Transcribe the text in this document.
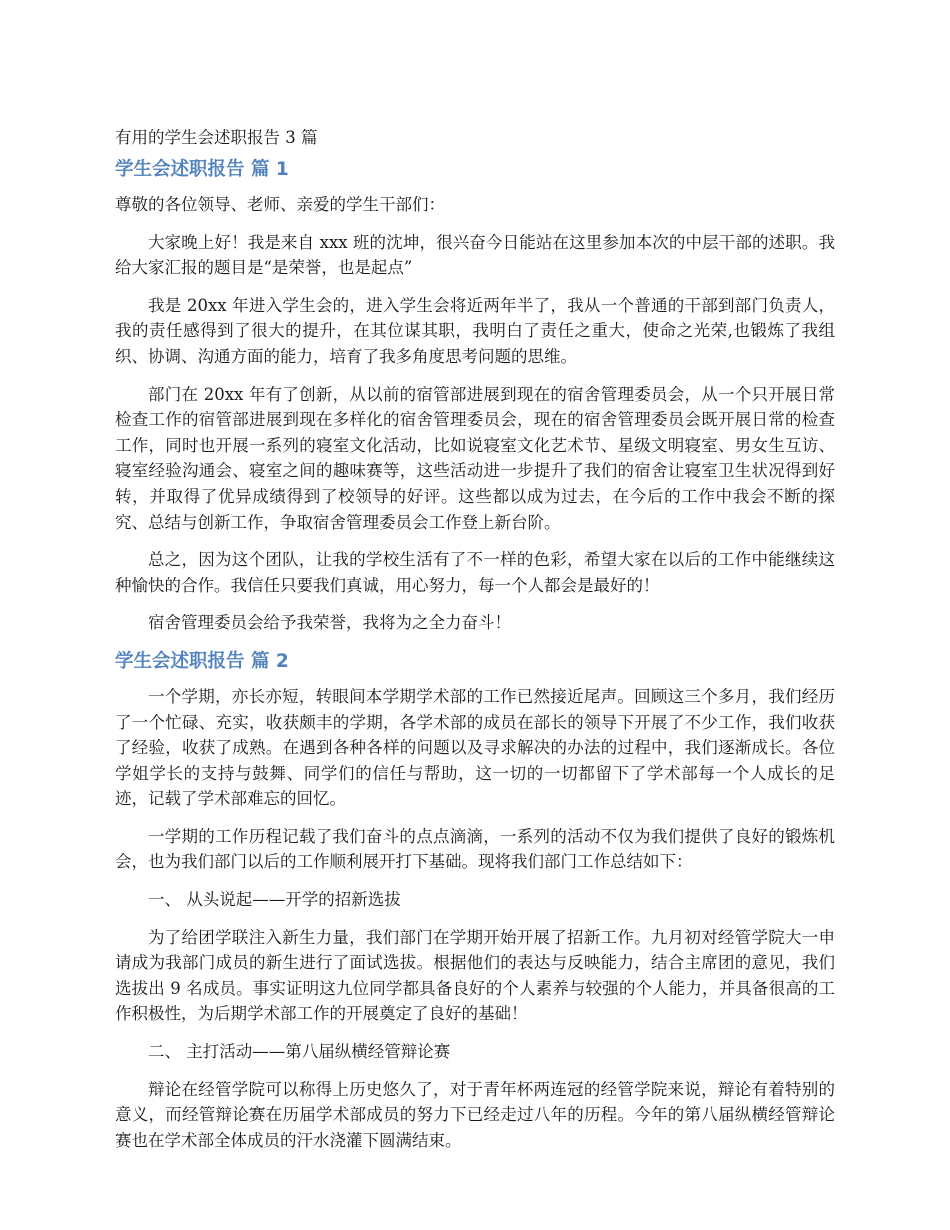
有用的学生会述职报告 3 篇
学生会述职报告 篇 1
尊敬的各位领导、老师、亲爱的学生干部们：
大家晚上好！我是来自 xxx 班的沈坤，很兴奋今日能站在这里参加本次的中层干部的述职。我给大家汇报的题目是“是荣誉，也是起点”
我是 20xx 年进入学生会的，进入学生会将近两年半了，我从一个普通的干部到部门负责人，我的责任感得到了很大的提升，在其位谋其职，我明白了责任之重大，使命之光荣,也锻炼了我组织、协调、沟通方面的能力，培育了我多角度思考问题的思维。
部门在 20xx 年有了创新，从以前的宿管部进展到现在的宿舍管理委员会，从一个只开展日常检查工作的宿管部进展到现在多样化的宿舍管理委员会，现在的宿舍管理委员会既开展日常的检查工作，同时也开展一系列的寝室文化活动，比如说寝室文化艺术节、星级文明寝室、男女生互访、寝室经验沟通会、寝室之间的趣味赛等，这些活动进一步提升了我们的宿舍让寝室卫生状况得到好转，并取得了优异成绩得到了校领导的好评。这些都以成为过去，在今后的工作中我会不断的探究、总结与创新工作，争取宿舍管理委员会工作登上新台阶。
总之，因为这个团队，让我的学校生活有了不一样的色彩，希望大家在以后的工作中能继续这种愉快的合作。我信任只要我们真诚，用心努力，每一个人都会是最好的！
宿舍管理委员会给予我荣誉，我将为之全力奋斗！
学生会述职报告 篇 2
一个学期，亦长亦短，转眼间本学期学术部的工作已然接近尾声。回顾这三个多月，我们经历了一个忙碌、充实，收获颇丰的学期，各学术部的成员在部长的领导下开展了不少工作，我们收获了经验，收获了成熟。在遇到各种各样的问题以及寻求解决的办法的过程中，我们逐渐成长。各位学姐学长的支持与鼓舞、同学们的信任与帮助，这一切的一切都留下了学术部每一个人成长的足迹，记载了学术部难忘的回忆。
一学期的工作历程记载了我们奋斗的点点滴滴，一系列的活动不仅为我们提供了良好的锻炼机会，也为我们部门以后的工作顺利展开打下基础。现将我们部门工作总结如下：
一、 从头说起——开学的招新选拔
为了给团学联注入新生力量，我们部门在学期开始开展了招新工作。九月初对经管学院大一申请成为我部门成员的新生进行了面试选拔。根据他们的表达与反映能力，结合主席团的意见，我们选拔出 9 名成员。事实证明这九位同学都具备良好的个人素养与较强的个人能力，并具备很高的工作积极性，为后期学术部工作的开展奠定了良好的基础！
二、 主打活动——第八届纵横经管辩论赛
辩论在经管学院可以称得上历史悠久了，对于青年杯两连冠的经管学院来说，辩论有着特别的意义，而经管辩论赛在历届学术部成员的努力下已经走过八年的历程。今年的第八届纵横经管辩论赛也在学术部全体成员的汗水浇灌下圆满结束。
